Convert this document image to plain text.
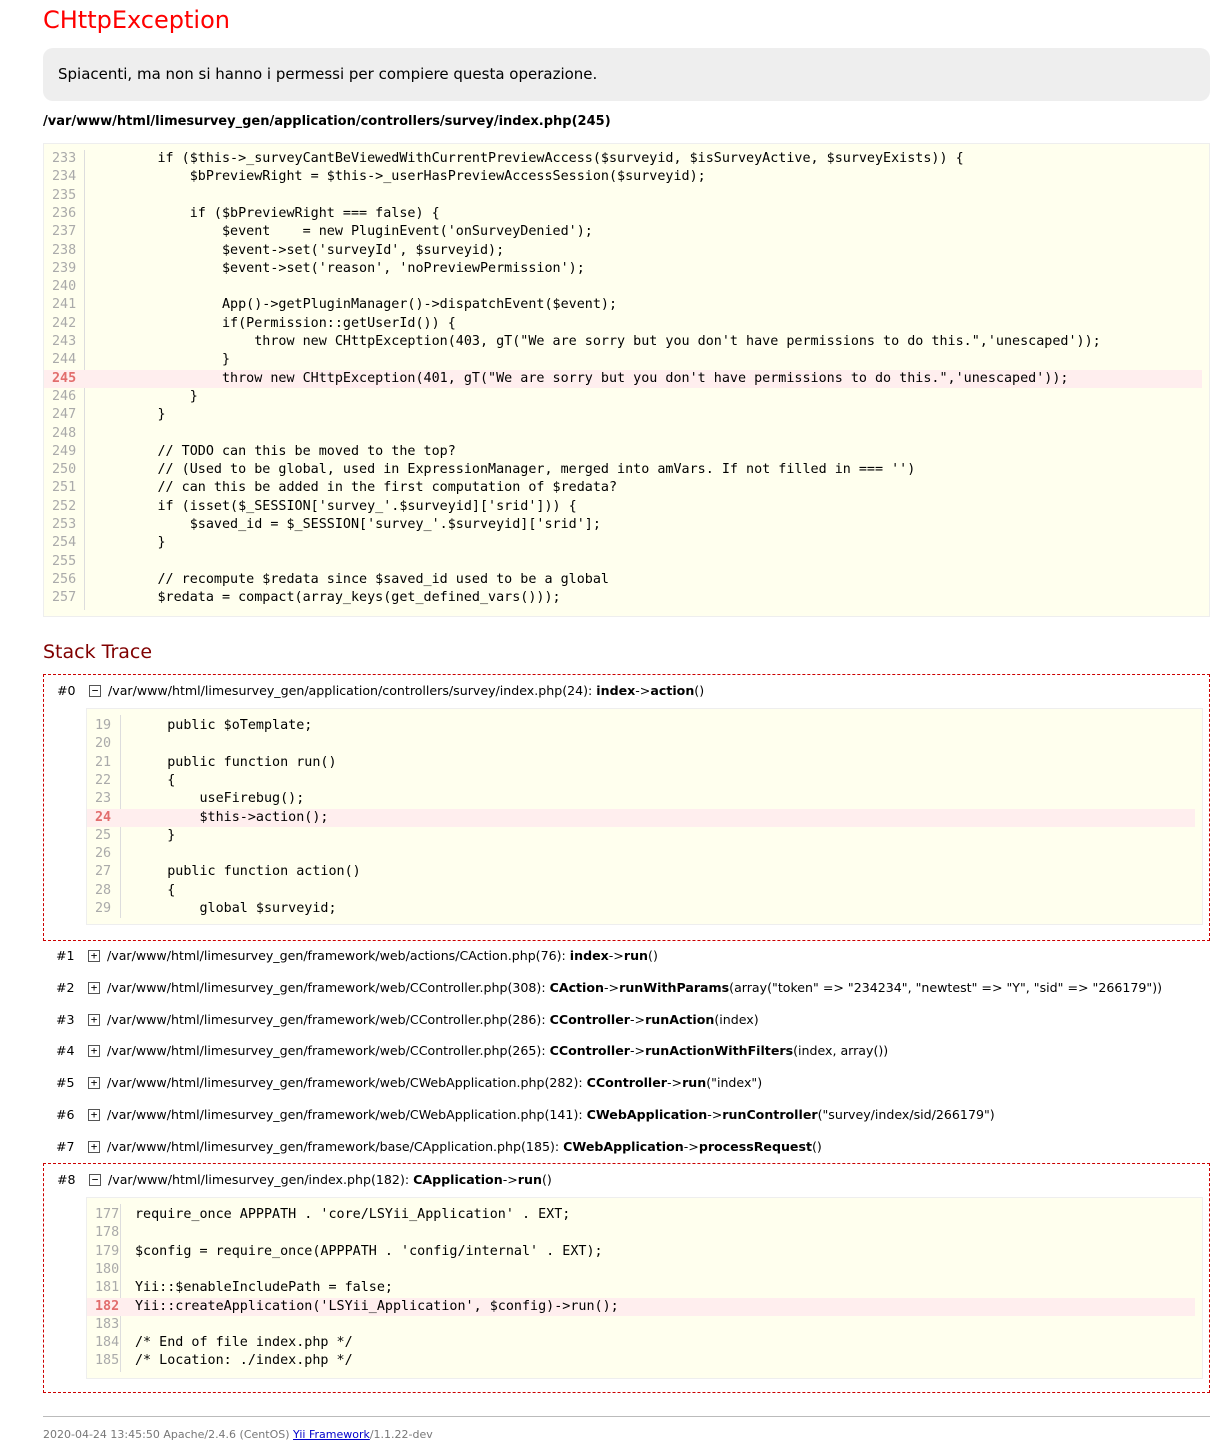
CHttpException
Spiacenti, ma non si hanno i permessi per compiere questa operazione.
/var/www/html/limesurvey_gen/application/controllers/survey/index.php(245)
233	if ($this->_surveyCantBeViewedWithCurrentPreviewAccess($surveyid, $isSurveyActive, $surveyExists)) {
234	$bPreviewRight = $this->_userHasPreviewAccessSession($surveyid);
235
236	if ($bPreviewRight === false) {
237	$event    = new PluginEvent('onSurveyDenied');
238	$event->set('surveyId', $surveyid);
239	$event->set('reason', 'noPreviewPermission');
240
241	App()->getPluginManager()->dispatchEvent($event);
242	if(Permission::getUserId()) {
243	throw new CHttpException(403, gT("We are sorry but you don't have permissions to do this.",'unescaped'));
244	}
245	throw new CHttpException(401, gT("We are sorry but you don't have permissions to do this.",'unescaped'));
246	}
247	}
248
249	// TODO can this be moved to the top?
250	// (Used to be global, used in ExpressionManager, merged into amVars. If not filled in === '')
251	// can this be added in the first computation of $redata?
252	if (isset($_SESSION['survey_'.$surveyid]['srid'])) {
253	$saved_id = $_SESSION['survey_'.$surveyid]['srid'];
254	}
255
256	// recompute $redata since $saved_id used to be a global
257	$redata = compact(array_keys(get_defined_vars()));
Stack Trace
#0	− /var/www/html/limesurvey_gen/application/controllers/survey/index.php(24): index->action()
19	public $oTemplate;
20
21	public function run()
22	{
23	useFirebug();
24	$this->action();
25	}
26
27	public function action()
28	{
29	global $surveyid;
#1	+ /var/www/html/limesurvey_gen/framework/web/actions/CAction.php(76): index->run()
#2	+ /var/www/html/limesurvey_gen/framework/web/CController.php(308): CAction->runWithParams(array("token" => "234234", "newtest" => "Y", "sid" => "266179"))
#3	+ /var/www/html/limesurvey_gen/framework/web/CController.php(286): CController->runAction(index)
#4	+ /var/www/html/limesurvey_gen/framework/web/CController.php(265): CController->runActionWithFilters(index, array())
#5	+ /var/www/html/limesurvey_gen/framework/web/CWebApplication.php(282): CController->run("index")
#6	+ /var/www/html/limesurvey_gen/framework/web/CWebApplication.php(141): CWebApplication->runController("survey/index/sid/266179")
#7	+ /var/www/html/limesurvey_gen/framework/base/CApplication.php(185): CWebApplication->processRequest()
#8	− /var/www/html/limesurvey_gen/index.php(182): CApplication->run()
177	require_once APPPATH . 'core/LSYii_Application' . EXT;
178
179	$config = require_once(APPPATH . 'config/internal' . EXT);
180
181	Yii::$enableIncludePath = false;
182	Yii::createApplication('LSYii_Application', $config)->run();
183
184	/* End of file index.php */
185	/* Location: ./index.php */
2020-04-24 13:45:50 Apache/2.4.6 (CentOS) Yii Framework/1.1.22-dev
